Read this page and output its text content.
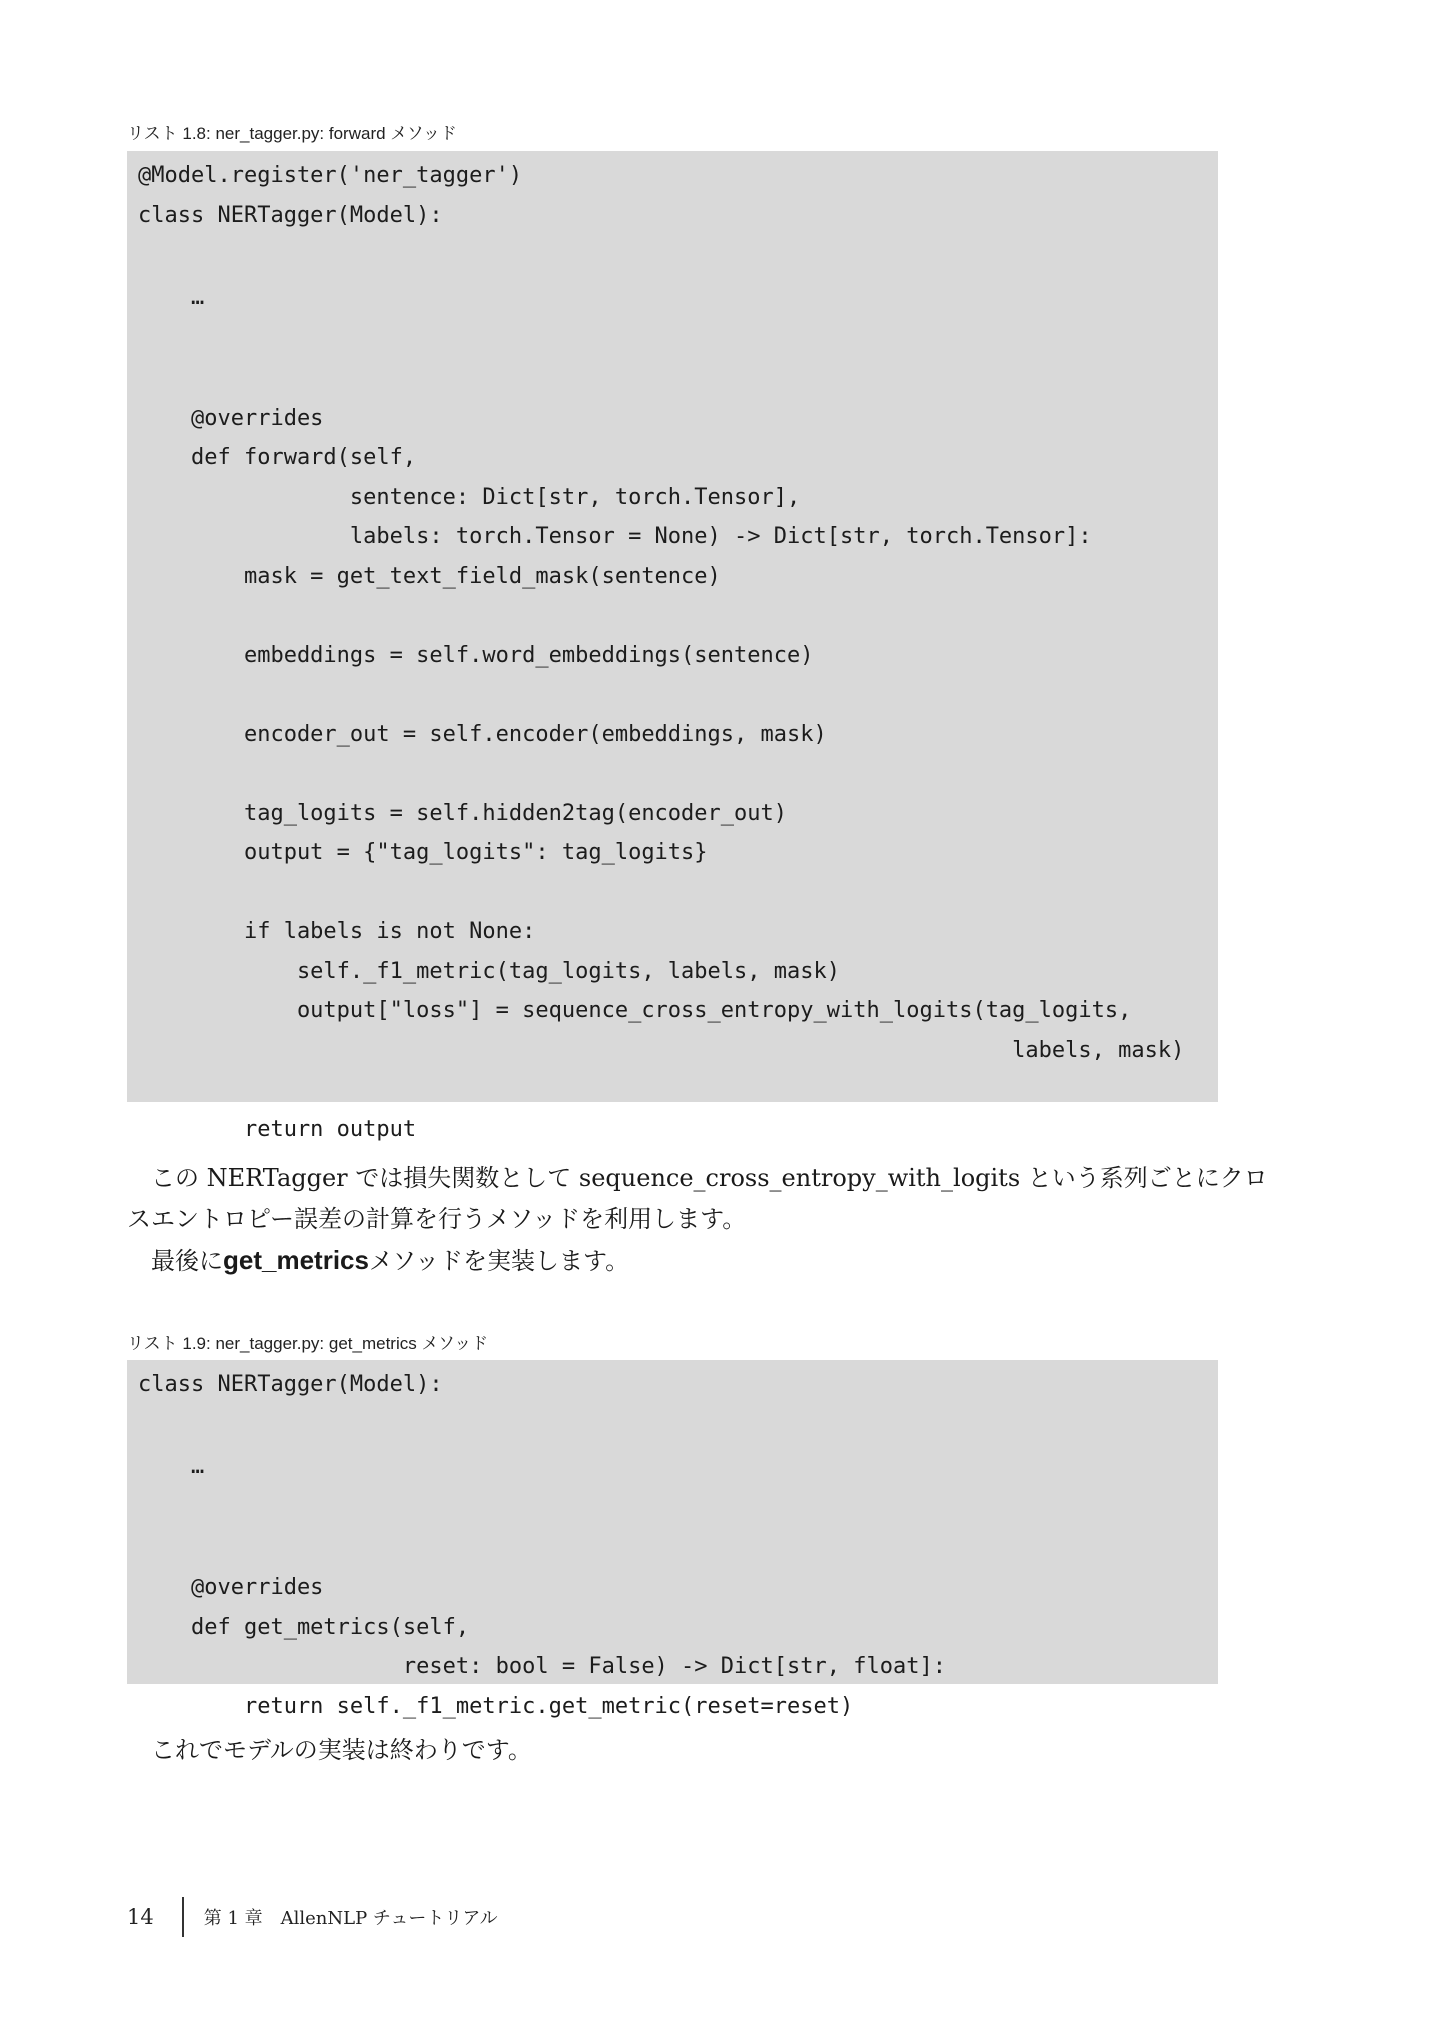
リスト 1.8: ner_tagger.py: forward メソッド
@Model.register('ner_tagger')
class NERTagger(Model):
…
@overrides
def forward(self,
sentence: Dict[str, torch.Tensor],
labels: torch.Tensor = None) -> Dict[str, torch.Tensor]:
mask = get_text_field_mask(sentence)
embeddings = self.word_embeddings(sentence)
encoder_out = self.encoder(embeddings, mask)
tag_logits = self.hidden2tag(encoder_out)
output = {"tag_logits": tag_logits}
if labels is not None:
self._f1_metric(tag_logits, labels, mask)
output["loss"] = sequence_cross_entropy_with_logits(tag_logits,
labels, mask)
return output
　この NERTagger では損失関数として sequence_cross_entropy_with_logits という系列ごとにクロ
スエントロピー誤差の計算を行うメソッドを利用します。
　最後にget_metricsメソッドを実装します。
リスト 1.9: ner_tagger.py: get_metrics メソッド
class NERTagger(Model):
…
@overrides
def get_metrics(self,
reset: bool = False) -> Dict[str, float]:
return self._f1_metric.get_metric(reset=reset)
　これでモデルの実装は終わりです。
14	第 1 章　AllenNLP チュートリアル
